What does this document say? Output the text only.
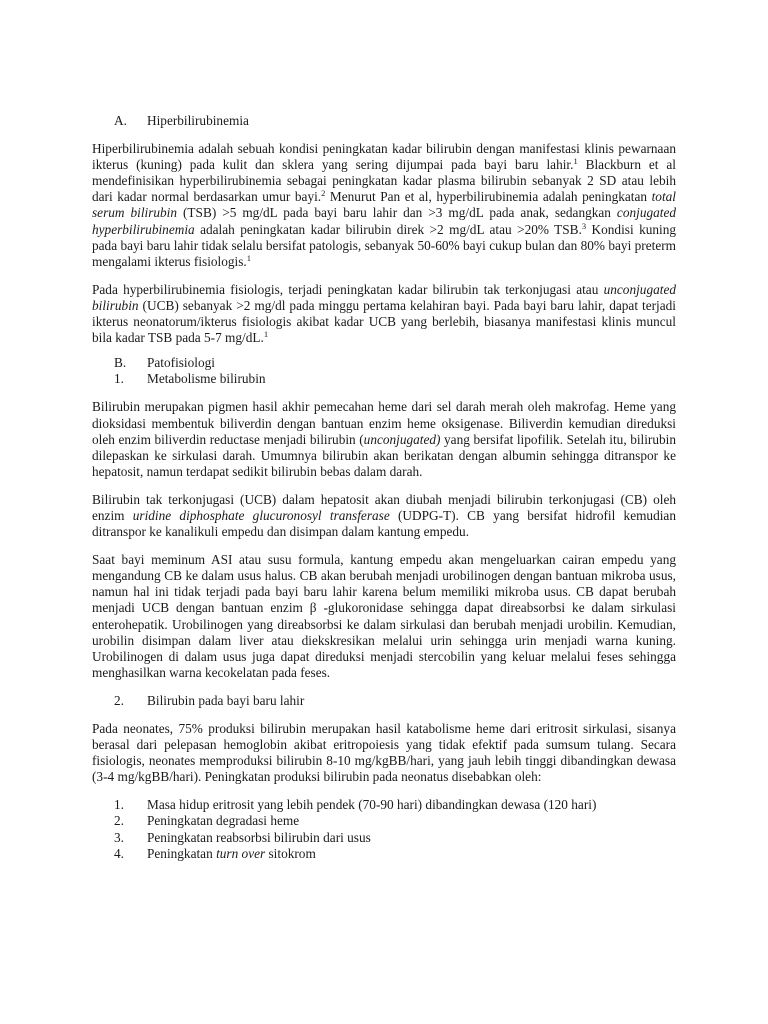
A.	Hiperbilirubinemia

Hiperbilirubinemia adalah sebuah kondisi peningkatan kadar bilirubin dengan manifestasi klinis pewarnaan ikterus (kuning) pada kulit dan sklera yang sering dijumpai pada bayi baru lahir.$^1$ Blackburn et al mendefinisikan hyperbilirubinemia sebagai peningkatan kadar plasma bilirubin sebanyak 2 SD atau lebih dari kadar normal berdasarkan umur bayi.$^2$ Menurut Pan et al, hyperbilirubinemia adalah peningkatan total serum bilirubin (TSB) >5 mg/dL pada bayi baru lahir dan >3 mg/dL pada anak, sedangkan conjugated hyperbilirubinemia adalah peningkatan kadar bilirubin direk >2 mg/dL atau >20% TSB.$^3$ Kondisi kuning pada bayi baru lahir tidak selalu bersifat patologis, sebanyak 50-60% bayi cukup bulan dan 80% bayi preterm mengalami ikterus fisiologis.$^1$

Pada hyperbilirubinemia fisiologis, terjadi peningkatan kadar bilirubin tak terkonjugasi atau unconjugated bilirubin (UCB) sebanyak >2 mg/dl pada minggu pertama kelahiran bayi. Pada bayi baru lahir, dapat terjadi ikterus neonatorum/ikterus fisiologis akibat kadar UCB yang berlebih, biasanya manifestasi klinis muncul bila kadar TSB pada 5-7 mg/dL.$^1$

B.	Patofisiologi
1.	Metabolisme bilirubin

Bilirubin merupakan pigmen hasil akhir pemecahan heme dari sel darah merah oleh makrofag. Heme yang dioksidasi membentuk biliverdin dengan bantuan enzim heme oksigenase. Biliverdin kemudian direduksi oleh enzim biliverdin reductase menjadi bilirubin (unconjugated) yang bersifat lipofilik. Setelah itu, bilirubin dilepaskan ke sirkulasi darah. Umumnya bilirubin akan berikatan dengan albumin sehingga ditranspor ke hepatosit, namun terdapat sedikit bilirubin bebas dalam darah.

Bilirubin tak terkonjugasi (UCB) dalam hepatosit akan diubah menjadi bilirubin terkonjugasi (CB) oleh enzim uridine diphosphate glucuronosyl transferase (UDPG-T). CB yang bersifat hidrofil kemudian ditranspor ke kanalikuli empedu dan disimpan dalam kantung empedu.

Saat bayi meminum ASI atau susu formula, kantung empedu akan mengeluarkan cairan empedu yang mengandung CB ke dalam usus halus. CB akan berubah menjadi urobilinogen dengan bantuan mikroba usus, namun hal ini tidak terjadi pada bayi baru lahir karena belum memiliki mikroba usus. CB dapat berubah menjadi UCB dengan bantuan enzim β -glukoronidase sehingga dapat direabsorbsi ke dalam sirkulasi enterohepatik. Urobilinogen yang direabsorbsi ke dalam sirkulasi dan berubah menjadi urobilin. Kemudian, urobilin disimpan dalam liver atau diekskresikan melalui urin sehingga urin menjadi warna kuning. Urobilinogen di dalam usus juga dapat direduksi menjadi stercobilin yang keluar melalui feses sehingga menghasilkan warna kecokelatan pada feses.

2.	Bilirubin pada bayi baru lahir

Pada neonates, 75% produksi bilirubin merupakan hasil katabolisme heme dari eritrosit sirkulasi, sisanya berasal dari pelepasan hemoglobin akibat eritropoiesis yang tidak efektif pada sumsum tulang. Secara fisiologis, neonates memproduksi bilirubin 8-10 mg/kgBB/hari, yang jauh lebih tinggi dibandingkan dewasa (3-4 mg/kgBB/hari). Peningkatan produksi bilirubin pada neonatus disebabkan oleh:

1.	Masa hidup eritrosit yang lebih pendek (70-90 hari) dibandingkan dewasa (120 hari)
2.	Peningkatan degradasi heme
3.	Peningkatan reabsorbsi bilirubin dari usus
4.	Peningkatan turn over sitokrom
